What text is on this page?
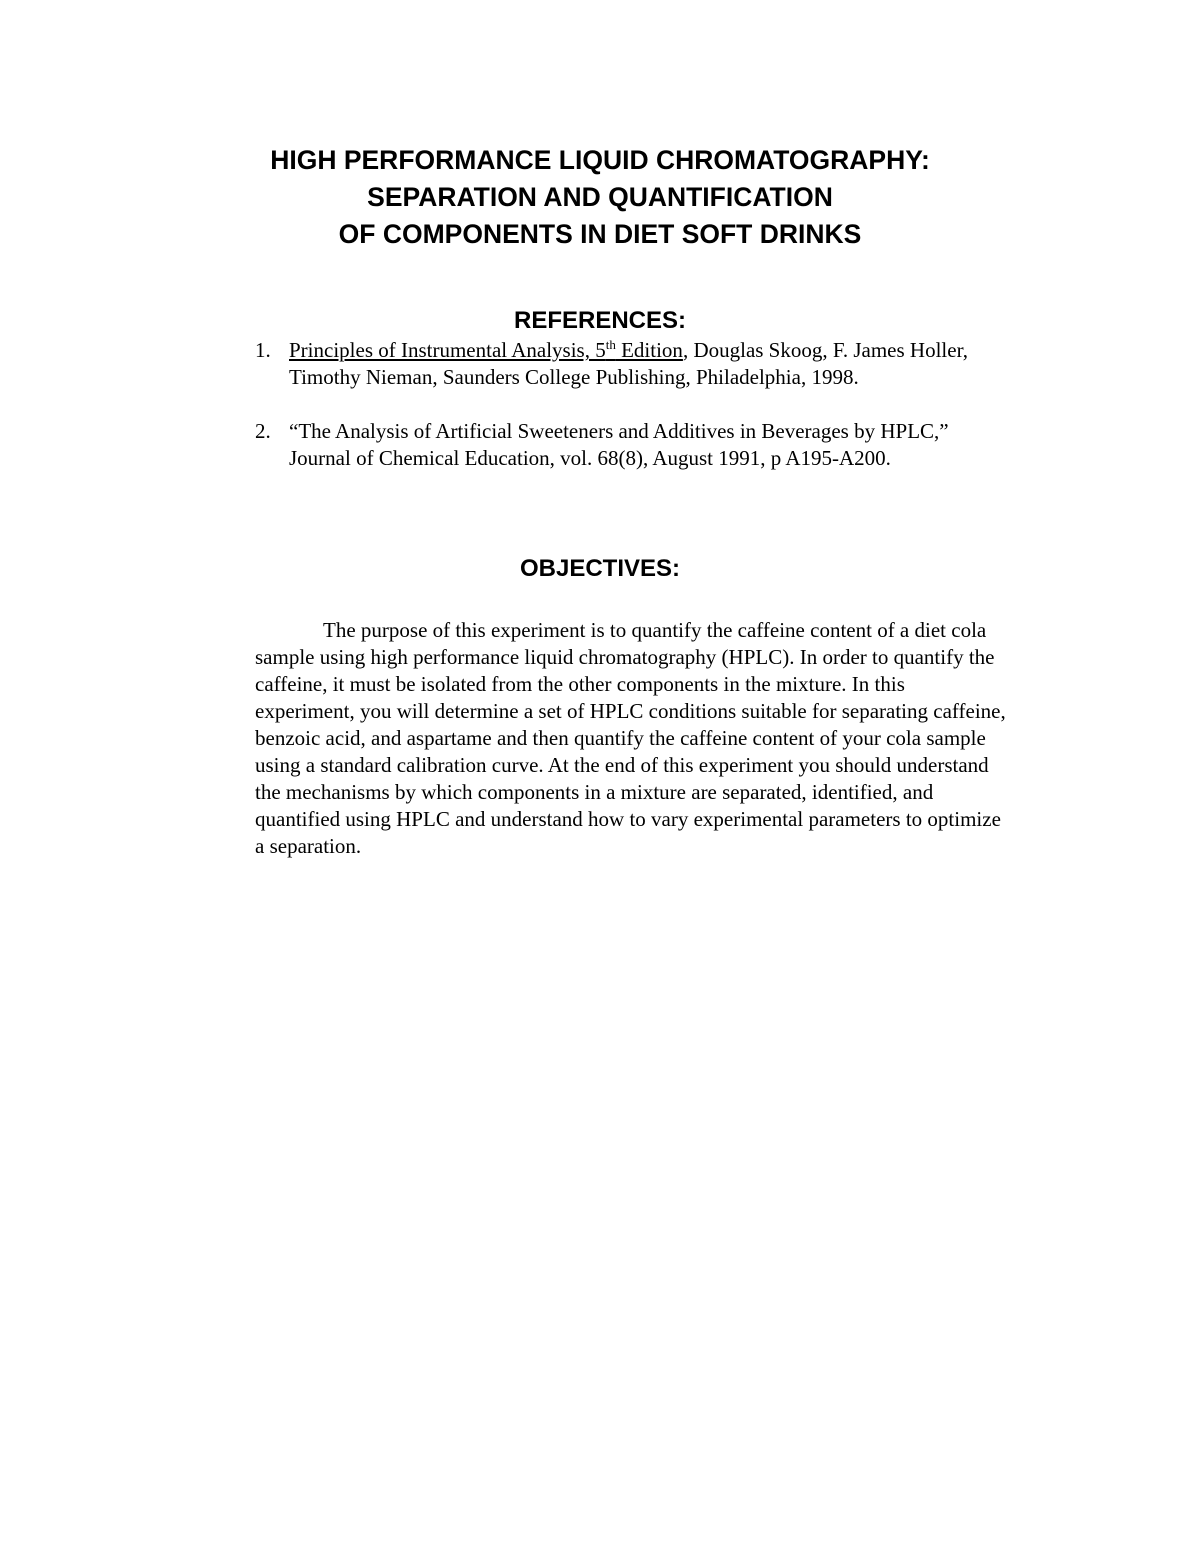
HIGH PERFORMANCE LIQUID CHROMATOGRAPHY:
SEPARATION AND QUANTIFICATION
OF COMPONENTS IN DIET SOFT DRINKS
REFERENCES:
1. Principles of Instrumental Analysis, 5th Edition, Douglas Skoog, F. James Holler,
Timothy Nieman, Saunders College Publishing, Philadelphia, 1998.
2. “The Analysis of Artificial Sweeteners and Additives in Beverages by HPLC,”
Journal of Chemical Education, vol. 68(8), August 1991, p A195-A200.
OBJECTIVES:
The purpose of this experiment is to quantify the caffeine content of a diet cola
sample using high performance liquid chromatography (HPLC). In order to quantify the
caffeine, it must be isolated from the other components in the mixture. In this
experiment, you will determine a set of HPLC conditions suitable for separating caffeine,
benzoic acid, and aspartame and then quantify the caffeine content of your cola sample
using a standard calibration curve. At the end of this experiment you should understand
the mechanisms by which components in a mixture are separated, identified, and
quantified using HPLC and understand how to vary experimental parameters to optimize
a separation.
